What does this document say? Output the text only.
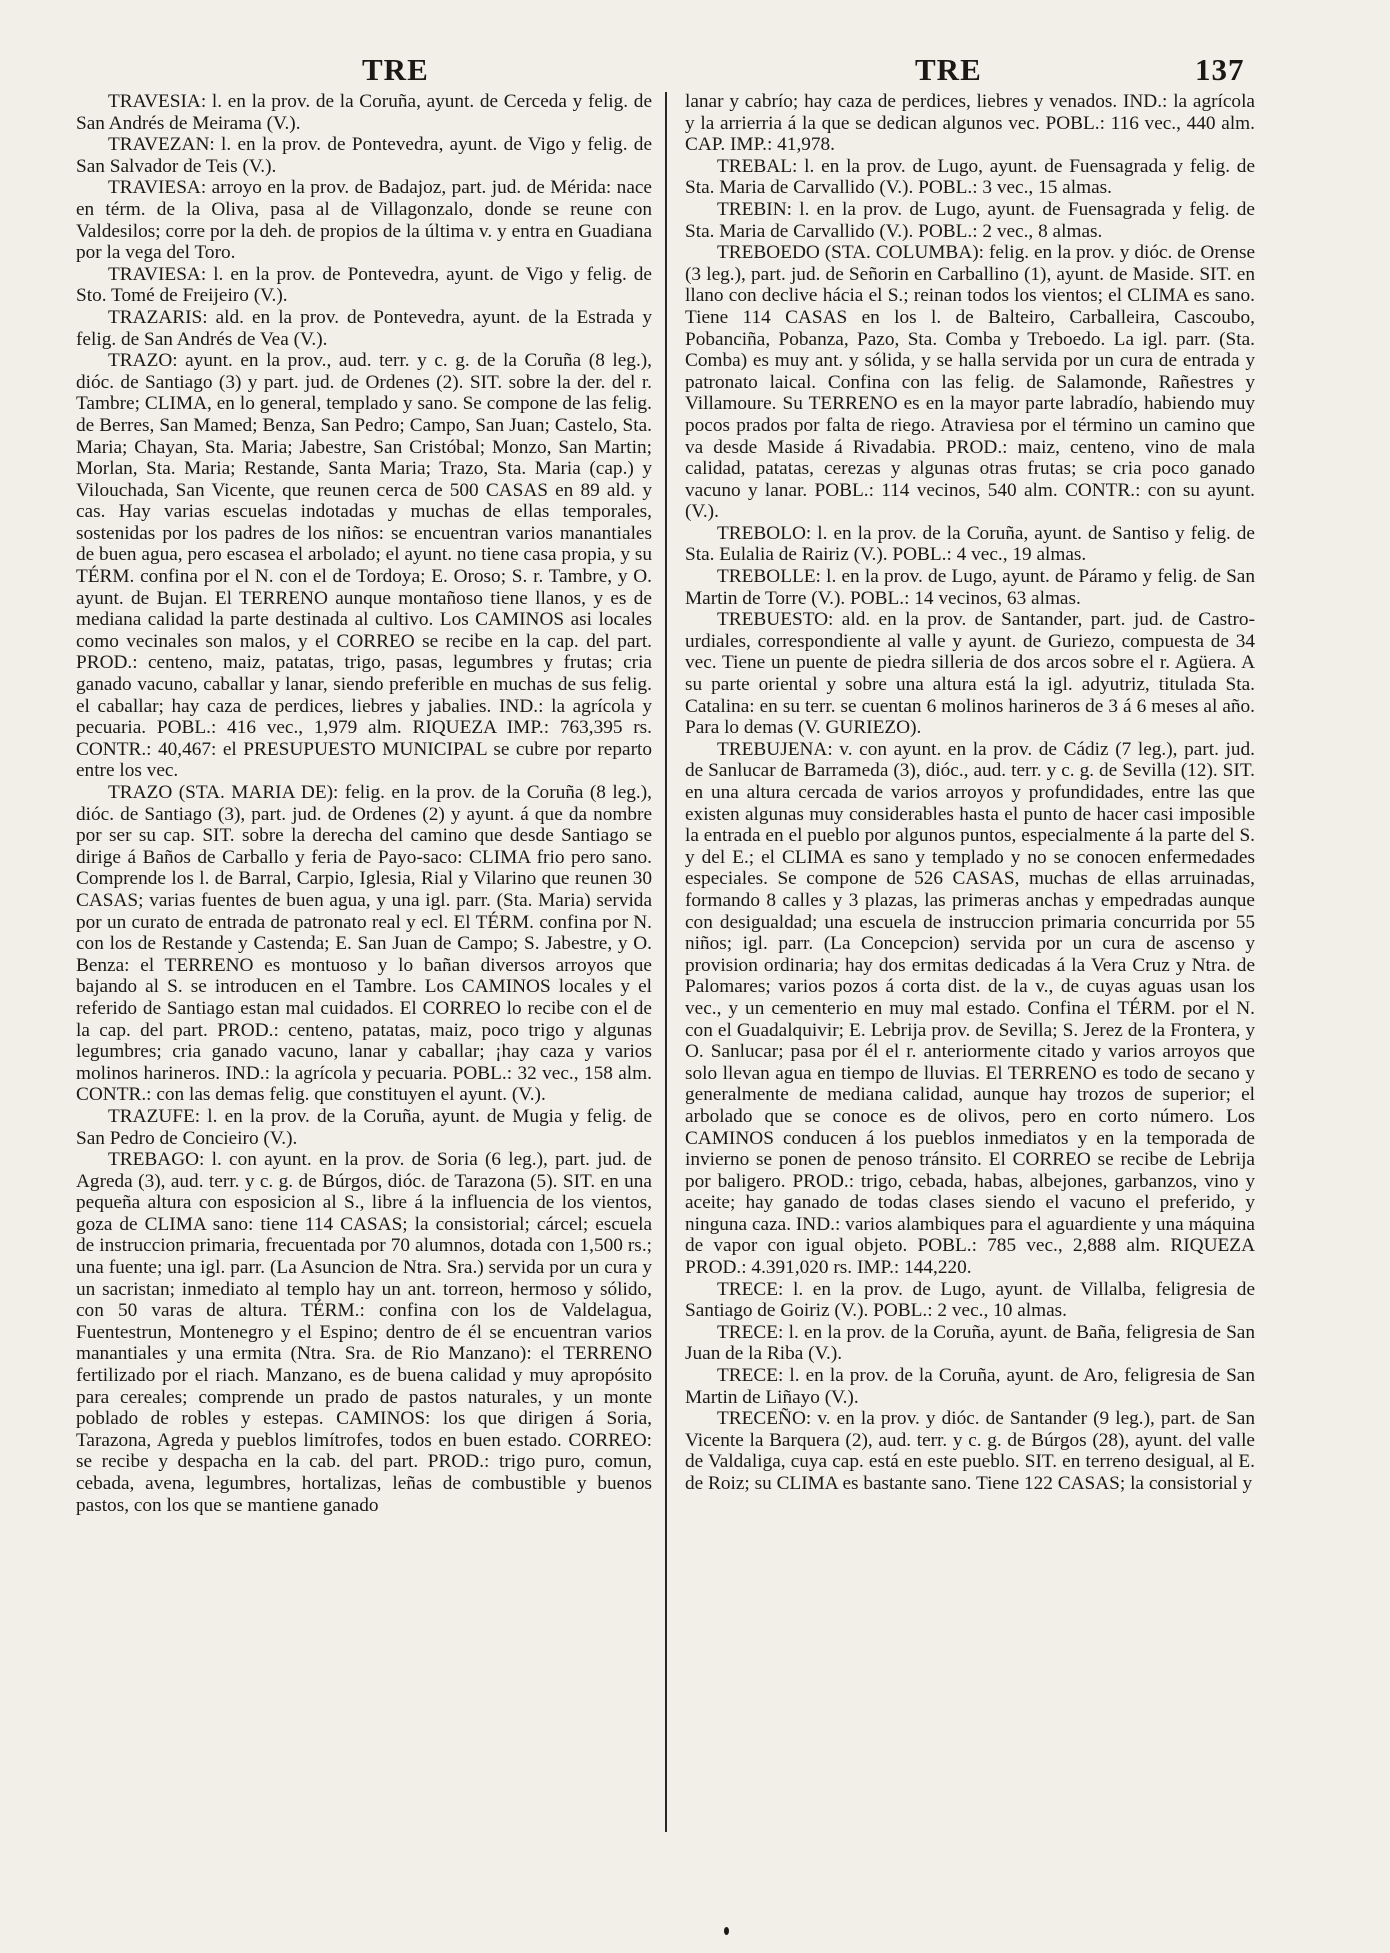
TRE	TRE	137

TRAVESIA: l. en la prov. de la Coruña, ayunt. de Cerceda y felig. de San Andrés de Meirama (V.).

TRAVEZAN: l. en la prov. de Pontevedra, ayunt. de Vigo y felig. de San Salvador de Teis (V.).

TRAVIESA: arroyo en la prov. de Badajoz, part. jud. de Mérida: nace en térm. de la Oliva, pasa al de Villagonzalo, donde se reune con Valdesilos; corre por la deh. de propios de la última v. y entra en Guadiana por la vega del Toro.

TRAVIESA: l. en la prov. de Pontevedra, ayunt. de Vigo y felig. de Sto. Tomé de Freijeiro (V.).

TRAZARIS: ald. en la prov. de Pontevedra, ayunt. de la Estrada y felig. de San Andrés de Vea (V.).

TRAZO: ayunt. en la prov., aud. terr. y c. g. de la Coruña (8 leg.), dióc. de Santiago (3) y part. jud. de Ordenes (2). SIT. sobre la der. del r. Tambre; CLIMA, en lo general, templado y sano. Se compone de las felig. de Berres, San Mamed; Benza, San Pedro; Campo, San Juan; Castelo, Sta. Maria; Chayan, Sta. Maria; Jabestre, San Cristóbal; Monzo, San Martin; Morlan, Sta. Maria; Restande, Santa Maria; Trazo, Sta. Maria (cap.) y Vilouchada, San Vicente, que reunen cerca de 500 CASAS en 89 ald. y cas. Hay varias escuelas indotadas y muchas de ellas temporales, sostenidas por los padres de los niños: se encuentran varios manantiales de buen agua, pero escasea el arbolado; el ayunt. no tiene casa propia, y su TÉRM. confina por el N. con el de Tordoya; E. Oroso; S. r. Tambre, y O. ayunt. de Bujan. El TERRENO aunque montañoso tiene llanos, y es de mediana calidad la parte destinada al cultivo. Los CAMINOS asi locales como vecinales son malos, y el CORREO se recibe en la cap. del part. PROD.: centeno, maiz, patatas, trigo, pasas, legumbres y frutas; cria ganado vacuno, caballar y lanar, siendo preferible en muchas de sus felig. el caballar; hay caza de perdices, liebres y jabalies. IND.: la agrícola y pecuaria. POBL.: 416 vec., 1,979 alm. RIQUEZA IMP.: 763,395 rs. CONTR.: 40,467: el PRESUPUESTO MUNICIPAL se cubre por reparto entre los vec.

TRAZO (STA. MARIA DE): felig. en la prov. de la Coruña (8 leg.), dióc. de Santiago (3), part. jud. de Ordenes (2) y ayunt. á que da nombre por ser su cap. SIT. sobre la derecha del camino que desde Santiago se dirige á Baños de Carballo y feria de Payo-saco: CLIMA frio pero sano. Comprende los l. de Barral, Carpio, Iglesia, Rial y Vilarino que reunen 30 CASAS; varias fuentes de buen agua, y una igl. parr. (Sta. Maria) servida por un curato de entrada de patronato real y ecl. El TÉRM. confina por N. con los de Restande y Castenda; E. San Juan de Campo; S. Jabestre, y O. Benza: el TERRENO es montuoso y lo bañan diversos arroyos que bajando al S. se introducen en el Tambre. Los CAMINOS locales y el referido de Santiago estan mal cuidados. El CORREO lo recibe con el de la cap. del part. PROD.: centeno, patatas, maiz, poco trigo y algunas legumbres; cria ganado vacuno, lanar y caballar; ¡hay caza y varios molinos harineros. IND.: la agrícola y pecuaria. POBL.: 32 vec., 158 alm. CONTR.: con las demas felig. que constituyen el ayunt. (V.).

TRAZUFE: l. en la prov. de la Coruña, ayunt. de Mugia y felig. de San Pedro de Concieiro (V.).

TREBAGO: l. con ayunt. en la prov. de Soria (6 leg.), part. jud. de Agreda (3), aud. terr. y c. g. de Búrgos, dióc. de Tarazona (5). SIT. en una pequeña altura con esposicion al S., libre á la influencia de los vientos, goza de CLIMA sano: tiene 114 CASAS; la consistorial; cárcel; escuela de instruccion primaria, frecuentada por 70 alumnos, dotada con 1,500 rs.; una fuente; una igl. parr. (La Asuncion de Ntra. Sra.) servida por un cura y un sacristan; inmediato al templo hay un ant. torreon, hermoso y sólido, con 50 varas de altura. TÉRM.: confina con los de Valdelagua, Fuentestrun, Montenegro y el Espino; dentro de él se encuentran varios manantiales y una ermita (Ntra. Sra. de Rio Manzano): el TERRENO fertilizado por el riach. Manzano, es de buena calidad y muy apropósito para cereales; comprende un prado de pastos naturales, y un monte poblado de robles y estepas. CAMINOS: los que dirigen á Soria, Tarazona, Agreda y pueblos limítrofes, todos en buen estado. CORREO: se recibe y despacha en la cab. del part. PROD.: trigo puro, comun, cebada, avena, legumbres, hortalizas, leñas de combustible y buenos pastos, con los que se mantiene ganado

lanar y cabrío; hay caza de perdices, liebres y venados. IND.: la agrícola y la arrierria á la que se dedican algunos vec. POBL.: 116 vec., 440 alm. CAP. IMP.: 41,978.

TREBAL: l. en la prov. de Lugo, ayunt. de Fuensagrada y felig. de Sta. Maria de Carvallido (V.). POBL.: 3 vec., 15 almas.

TREBIN: l. en la prov. de Lugo, ayunt. de Fuensagrada y felig. de Sta. Maria de Carvallido (V.). POBL.: 2 vec., 8 almas.

TREBOEDO (STA. COLUMBA): felig. en la prov. y dióc. de Orense (3 leg.), part. jud. de Señorin en Carballino (1), ayunt. de Maside. SIT. en llano con declive hácia el S.; reinan todos los vientos; el CLIMA es sano. Tiene 114 CASAS en los l. de Balteiro, Carballeira, Cascoubo, Pobanciña, Pobanza, Pazo, Sta. Comba y Treboedo. La igl. parr. (Sta. Comba) es muy ant. y sólida, y se halla servida por un cura de entrada y patronato laical. Confina con las felig. de Salamonde, Rañestres y Villamoure. Su TERRENO es en la mayor parte labradío, habiendo muy pocos prados por falta de riego. Atraviesa por el término un camino que va desde Maside á Rivadabia. PROD.: maiz, centeno, vino de mala calidad, patatas, cerezas y algunas otras frutas; se cria poco ganado vacuno y lanar. POBL.: 114 vecinos, 540 alm. CONTR.: con su ayunt. (V.).

TREBOLO: l. en la prov. de la Coruña, ayunt. de Santiso y felig. de Sta. Eulalia de Rairiz (V.). POBL.: 4 vec., 19 almas.

TREBOLLE: l. en la prov. de Lugo, ayunt. de Páramo y felig. de San Martin de Torre (V.). POBL.: 14 vecinos, 63 almas.

TREBUESTO: ald. en la prov. de Santander, part. jud. de Castro-urdiales, correspondiente al valle y ayunt. de Guriezo, compuesta de 34 vec. Tiene un puente de piedra silleria de dos arcos sobre el r. Agüera. A su parte oriental y sobre una altura está la igl. adyutriz, titulada Sta. Catalina: en su terr. se cuentan 6 molinos harineros de 3 á 6 meses al año. Para lo demas (V. GURIEZO).

TREBUJENA: v. con ayunt. en la prov. de Cádiz (7 leg.), part. jud. de Sanlucar de Barrameda (3), dióc., aud. terr. y c. g. de Sevilla (12). SIT. en una altura cercada de varios arroyos y profundidades, entre las que existen algunas muy considerables hasta el punto de hacer casi imposible la entrada en el pueblo por algunos puntos, especialmente á la parte del S. y del E.; el CLIMA es sano y templado y no se conocen enfermedades especiales. Se compone de 526 CASAS, muchas de ellas arruinadas, formando 8 calles y 3 plazas, las primeras anchas y empedradas aunque con desigualdad; una escuela de instruccion primaria concurrida por 55 niños; igl. parr. (La Concepcion) servida por un cura de ascenso y provision ordinaria; hay dos ermitas dedicadas á la Vera Cruz y Ntra. de Palomares; varios pozos á corta dist. de la v., de cuyas aguas usan los vec., y un cementerio en muy mal estado. Confina el TÉRM. por el N. con el Guadalquivir; E. Lebrija prov. de Sevilla; S. Jerez de la Frontera, y O. Sanlucar; pasa por él el r. anteriormente citado y varios arroyos que solo llevan agua en tiempo de lluvias. El TERRENO es todo de secano y generalmente de mediana calidad, aunque hay trozos de superior; el arbolado que se conoce es de olivos, pero en corto número. Los CAMINOS conducen á los pueblos inmediatos y en la temporada de invierno se ponen de penoso tránsito. El CORREO se recibe de Lebrija por baligero. PROD.: trigo, cebada, habas, albejones, garbanzos, vino y aceite; hay ganado de todas clases siendo el vacuno el preferido, y ninguna caza. IND.: varios alambiques para el aguardiente y una máquina de vapor con igual objeto. POBL.: 785 vec., 2,888 alm. RIQUEZA PROD.: 4.391,020 rs. IMP.: 144,220.

TRECE: l. en la prov. de Lugo, ayunt. de Villalba, feligresia de Santiago de Goiriz (V.). POBL.: 2 vec., 10 almas.

TRECE: l. en la prov. de la Coruña, ayunt. de Baña, feligresia de San Juan de la Riba (V.).

TRECE: l. en la prov. de la Coruña, ayunt. de Aro, feligresia de San Martin de Liñayo (V.).

TRECEÑO: v. en la prov. y dióc. de Santander (9 leg.), part. de San Vicente la Barquera (2), aud. terr. y c. g. de Búrgos (28), ayunt. del valle de Valdaliga, cuya cap. está en este pueblo. SIT. en terreno desigual, al E. de Roiz; su CLIMA es bastante sano. Tiene 122 CASAS; la consistorial y
